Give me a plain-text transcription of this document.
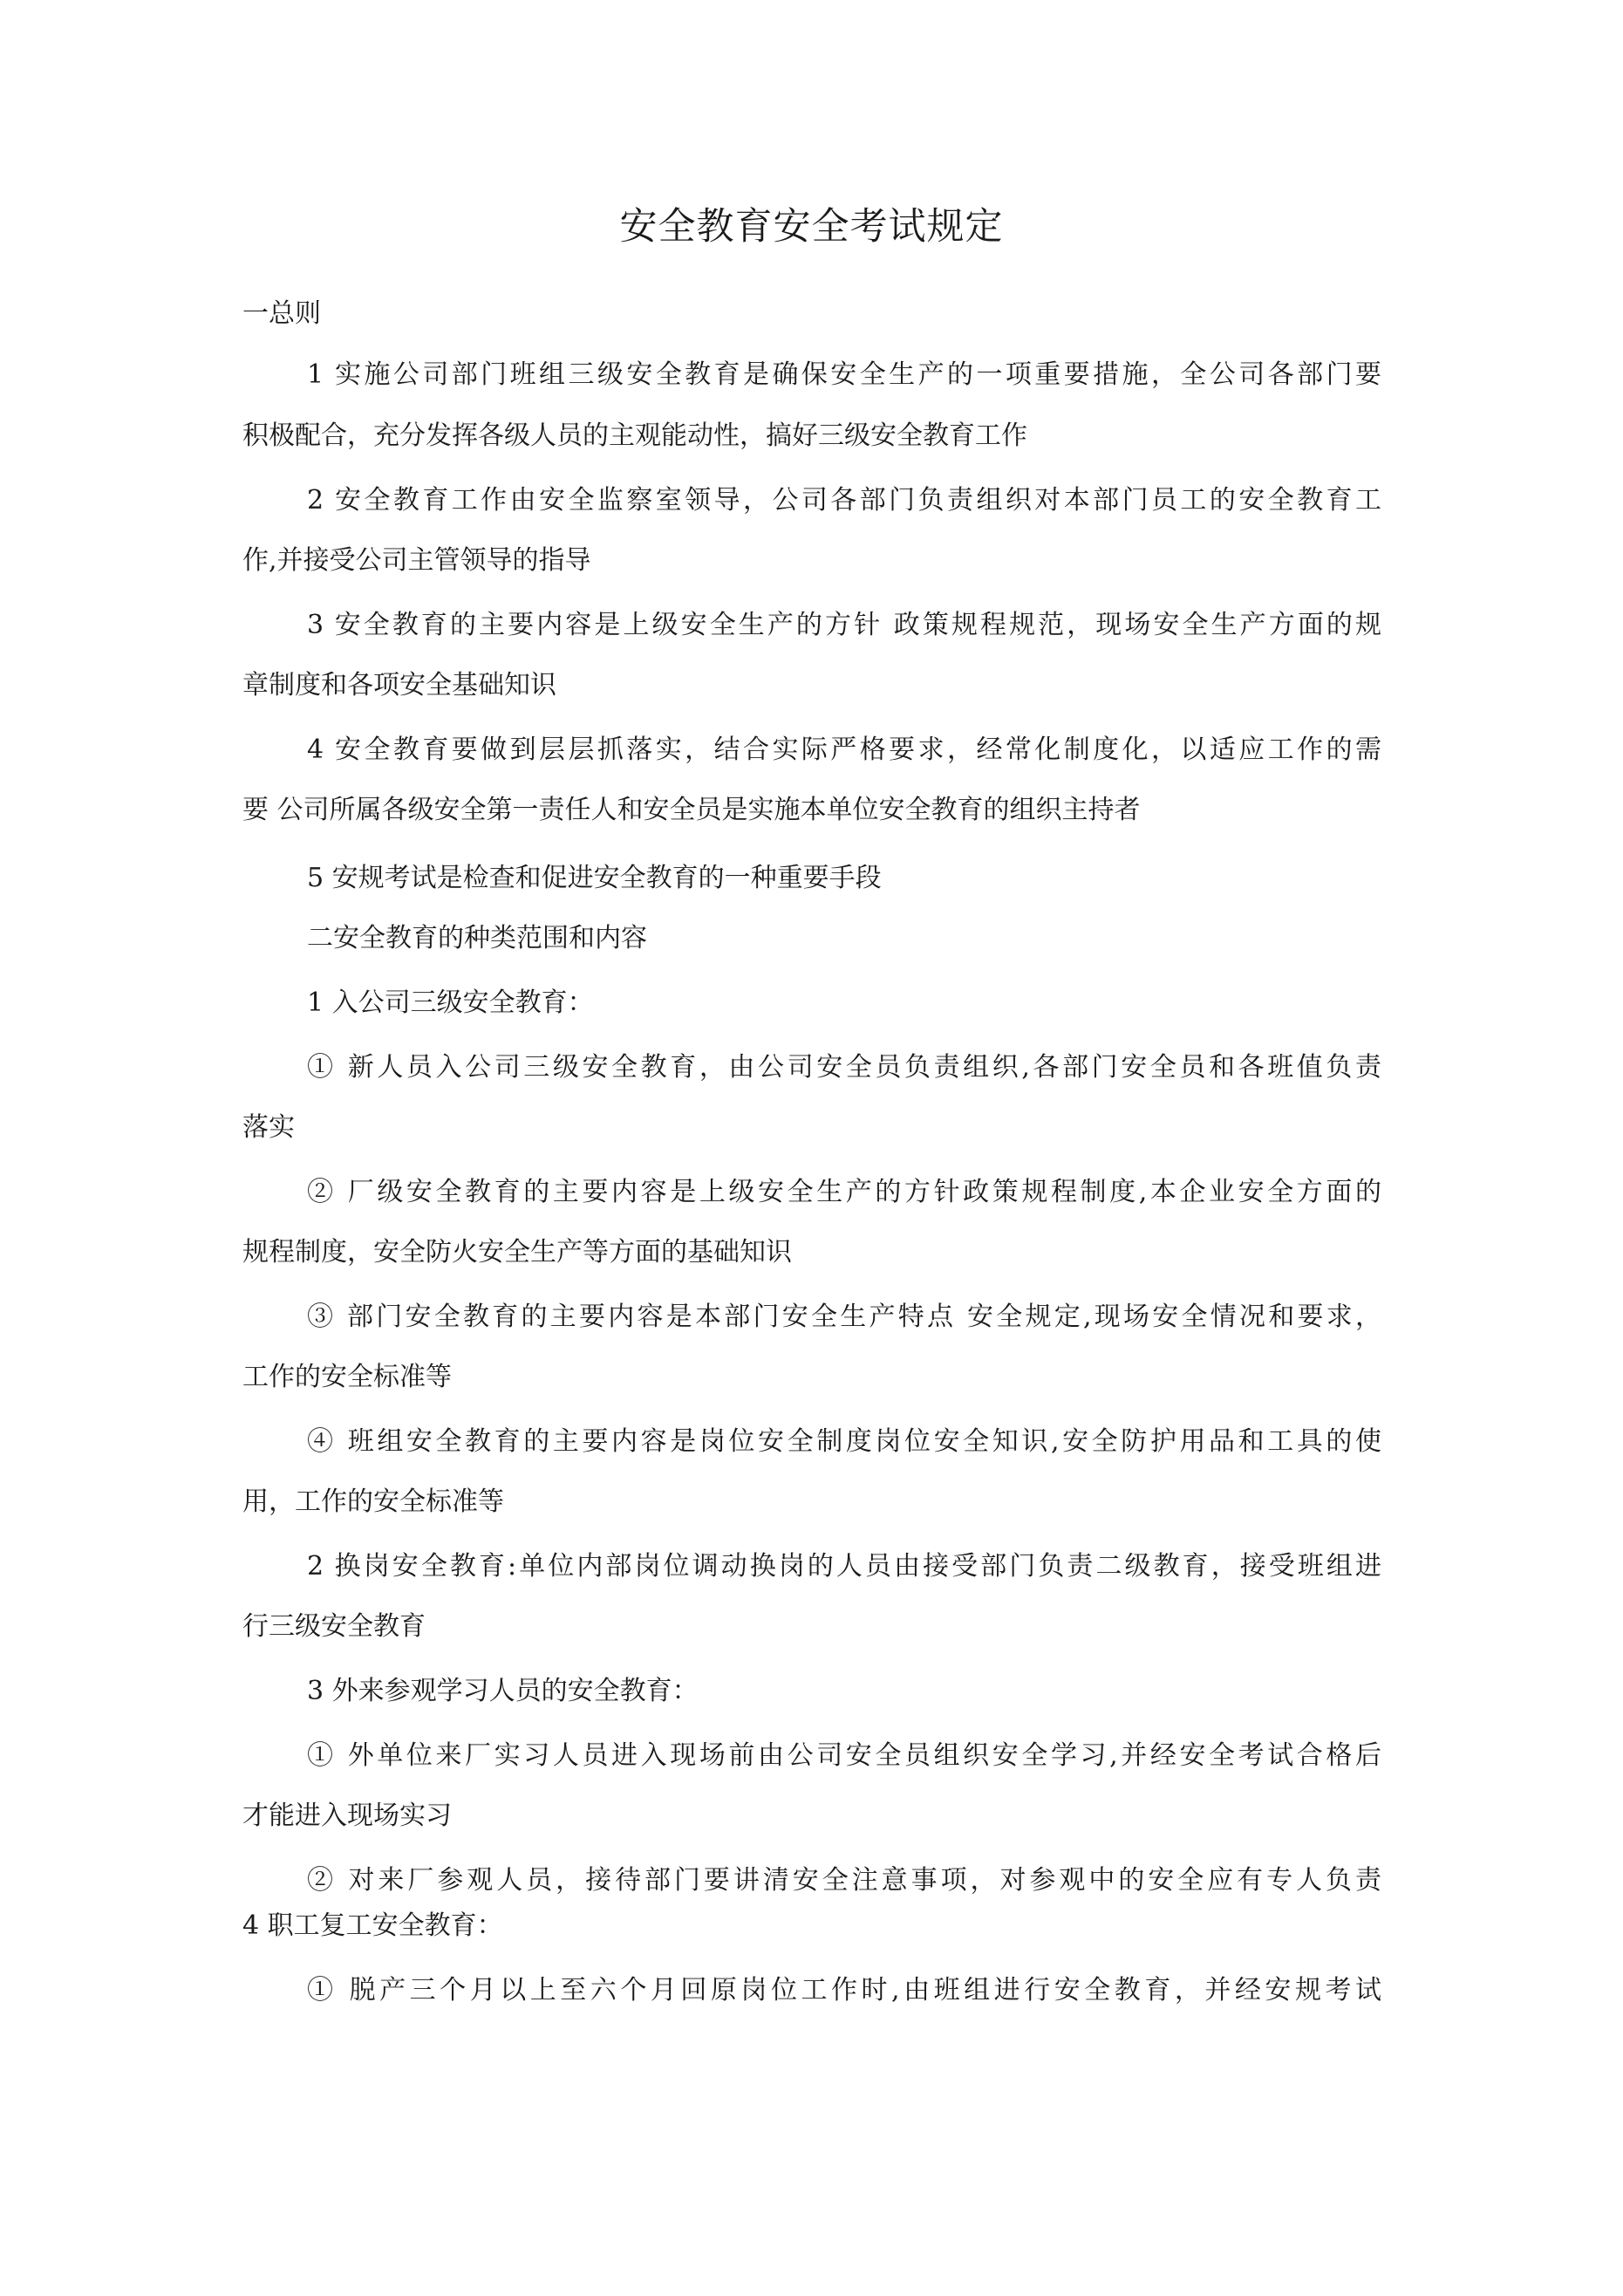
安全教育安全考试规定
一总则
1 实施公司部门班组三级安全教育是确保安全生产的一项重要措施，全公司各部门要
积极配合，充分发挥各级人员的主观能动性，搞好三级安全教育工作
2 安全教育工作由安全监察室领导，公司各部门负责组织对本部门员工的安全教育工
作,并接受公司主管领导的指导
3 安全教育的主要内容是上级安全生产的方针 政策规程规范，现场安全生产方面的规
章制度和各项安全基础知识
4 安全教育要做到层层抓落实，结合实际严格要求，经常化制度化，以适应工作的需
要 公司所属各级安全第一责任人和安全员是实施本单位安全教育的组织主持者
5 安规考试是检查和促进安全教育的一种重要手段
二安全教育的种类范围和内容
1 入公司三级安全教育：
① 新人员入公司三级安全教育，由公司安全员负责组织,各部门安全员和各班值负责
落实
② 厂级安全教育的主要内容是上级安全生产的方针政策规程制度,本企业安全方面的
规程制度，安全防火安全生产等方面的基础知识
③ 部门安全教育的主要内容是本部门安全生产特点 安全规定,现场安全情况和要求，
工作的安全标准等
④ 班组安全教育的主要内容是岗位安全制度岗位安全知识,安全防护用品和工具的使
用，工作的安全标准等
2 换岗安全教育:单位内部岗位调动换岗的人员由接受部门负责二级教育，接受班组进
行三级安全教育
3 外来参观学习人员的安全教育：
① 外单位来厂实习人员进入现场前由公司安全员组织安全学习,并经安全考试合格后
才能进入现场实习
② 对来厂参观人员，接待部门要讲清安全注意事项，对参观中的安全应有专人负责
4 职工复工安全教育：
① 脱产三个月以上至六个月回原岗位工作时,由班组进行安全教育，并经安规考试
